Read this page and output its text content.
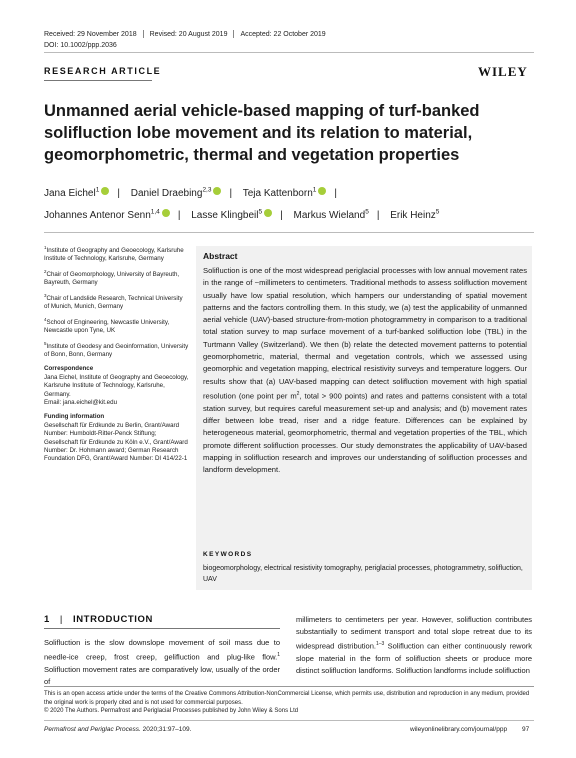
Received: 29 November 2018 Revised: 20 August 2019 Accepted: 22 October 2019
DOI: 10.1002/ppp.2036
RESEARCH ARTICLE	WILEY
Unmanned aerial vehicle-based mapping of turf-banked solifluction lobe movement and its relation to material, geomorphometric, thermal and vegetation properties
Jana Eichel$^1$ | Daniel Draebing$^{2,3}$ | Teja Kattenborn$^1$ |
Johannes Antenor Senn$^{1,4}$ | Lasse Klingbeil$^5$ | Markus Wieland$^5$ | Erik Heinz$^5$
$^1$Institute of Geography and Geoecology, Karlsruhe Institute of Technology, Karlsruhe, Germany
$^2$Chair of Geomorphology, University of Bayreuth, Bayreuth, Germany
$^3$Chair of Landslide Research, Technical University of Munich, Munich, Germany
$^4$School of Engineering, Newcastle University, Newcastle upon Tyne, UK
$^5$Institute of Geodesy and Geoinformation, University of Bonn, Bonn, Germany
Correspondence
Jana Eichel, Institute of Geography and Geoecology, Karlsruhe Institute of Technology, Karlsruhe, Germany.
Email: jana.eichel@kit.edu
Funding information
Gesellschaft für Erdkunde zu Berlin, Grant/Award Number: Humboldt-Ritter-Penck Stiftung; Gesellschaft für Erdkunde zu Köln e.V., Grant/Award Number: Dr. Hohmann award; German Research Foundation DFG, Grant/Award Number: DI 414/22-1
Abstract
Solifluction is one of the most widespread periglacial processes with low annual movement rates in the range of ~millimeters to centimeters. Traditional methods to assess solifluction movement usually have low spatial resolution, which hampers our understanding of spatial movement patterns and the factors controlling them. In this study, we (a) test the applicability of unmanned aerial vehicle (UAV)-based structure-from-motion photogrammetry in comparison to a traditional total station survey to map surface movement of a turf-banked solifluction lobe (TBL) in the Turtmann Valley (Switzerland). We then (b) relate the detected movement patterns to potential geomorphometric, material, thermal and vegetation controls, which we assessed using geomorphic and vegetation mapping, electrical resistivity surveys and temperature loggers. Our results show that (a) UAV-based mapping can detect solifluction movement with high spatial resolution (one point per $m^2$, total > 900 points) and rates and patterns consistent with a total station survey, but requires careful measurement set-up and analysis; and (b) movement rates differ between lobe tread, riser and a ridge feature. Differences can be explained by heterogeneous material, geomorphometric, thermal and vegetation properties of the TBL, which promote different solifluction processes. Our study demonstrates the applicability of UAV-based mapping in solifluction research and improves our understanding of solifluction processes and landform development.
KEYWORDS
biogeomorphology, electrical resistivity tomography, periglacial processes, photogrammetry, solifluction, UAV
1 | INTRODUCTION
Solifluction is the slow downslope movement of soil mass due to needle-ice creep, frost creep, gelifluction and plug-like flow.$^1$ Solifluction movement rates are comparatively low, usually of the order of
millimeters to centimeters per year. However, solifluction contributes substantially to sediment transport and total slope retreat due to its widespread distribution.$^{1-3}$ Solifluction can either continuously rework slope material in the form of solifluction sheets or produce more distinct solifluction landforms. Solifluction landforms include solifluction
This is an open access article under the terms of the Creative Commons Attribution-NonCommercial License, which permits use, distribution and reproduction in any medium, provided the original work is properly cited and is not used for commercial purposes.
© 2020 The Authors. Permafrost and Periglacial Processes published by John Wiley & Sons Ltd
Permafrost and Periglac Process. 2020;31:97–109.	wileyonlinelibrary.com/journal/ppp 97
